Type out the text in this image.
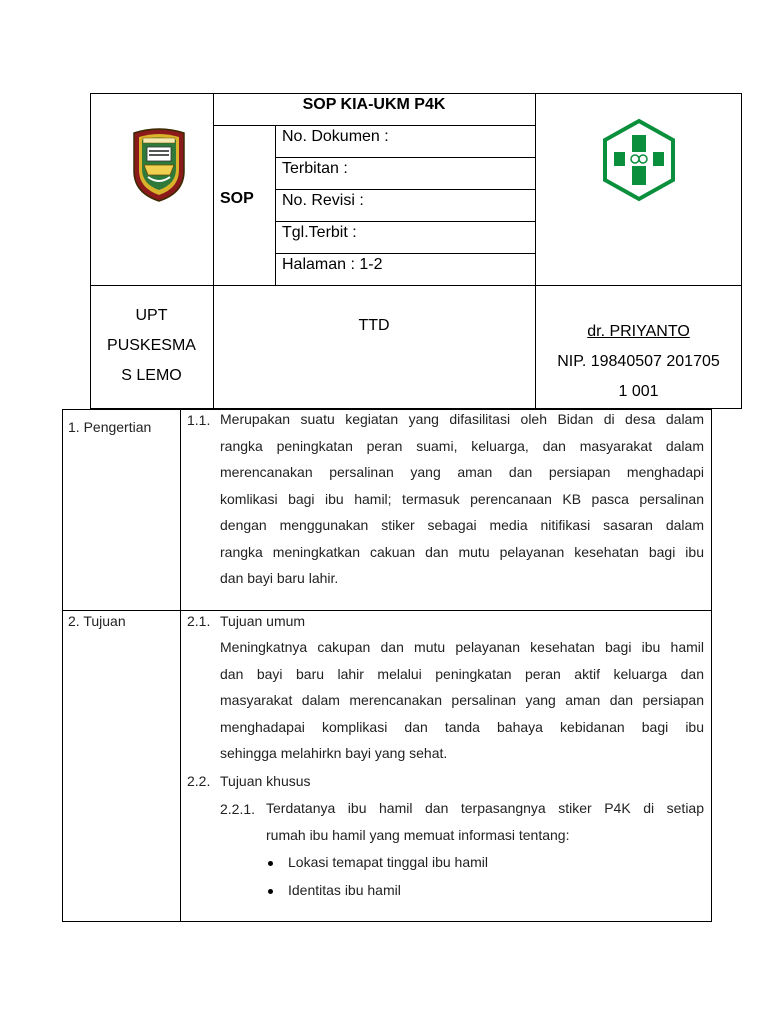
SOP KIA-UKM P4K
SOP
No. Dokumen :
Terbitan :
No. Revisi :
Tgl.Terbit :
Halaman : 1-2
UPT
PUSKESMA
S LEMO
TTD	dr. PRIYANTO
NIP. 19840507 201705
1 001
1. Pengertian	1.1. Merupakan suatu kegiatan yang difasilitasi oleh Bidan di desa dalam
rangka peningkatan peran suami, keluarga, dan masyarakat dalam
merencanakan persalinan yang aman dan persiapan menghadapi
komlikasi bagi ibu hamil; termasuk perencanaan KB pasca persalinan
dengan menggunakan stiker sebagai media nitifikasi sasaran dalam
rangka meningkatkan cakuan dan mutu pelayanan kesehatan bagi ibu
dan bayi baru lahir.
2. Tujuan	2.1. Tujuan umum
Meningkatnya cakupan dan mutu pelayanan kesehatan bagi ibu hamil
dan bayi baru lahir melalui peningkatan peran aktif keluarga dan
masyarakat dalam merencanakan persalinan yang aman dan persiapan
menghadapai komplikasi dan tanda bahaya kebidanan bagi ibu
sehingga melahirkn bayi yang sehat.
2.2. Tujuan khusus
2.2.1. Terdatanya ibu hamil dan terpasangnya stiker P4K di setiap
rumah ibu hamil yang memuat informasi tentang:
Lokasi temapat tinggal ibu hamil
Identitas ibu hamil
